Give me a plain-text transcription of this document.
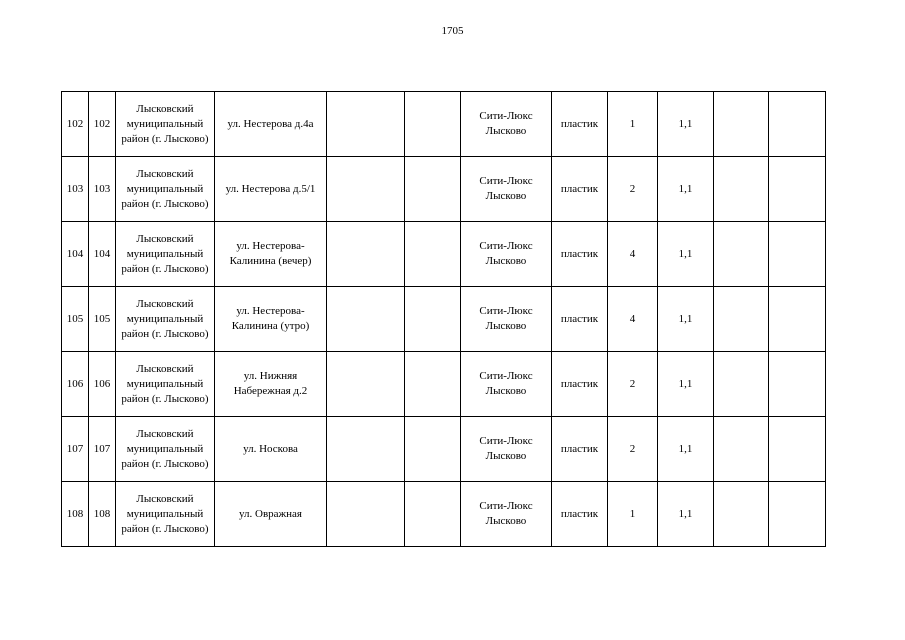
1705
102	102	Лысковский
муниципальный
район (г. Лысково)	ул. Нестерова д.4а			Сити-Люкс
Лысково	пластик	1	1,1		
103	103	Лысковский
муниципальный
район (г. Лысково)	ул. Нестерова д.5/1			Сити-Люкс
Лысково	пластик	2	1,1		
104	104	Лысковский
муниципальный
район (г. Лысково)	ул. Нестерова-
Калинина (вечер)			Сити-Люкс
Лысково	пластик	4	1,1		
105	105	Лысковский
муниципальный
район (г. Лысково)	ул. Нестерова-
Калинина (утро)			Сити-Люкс
Лысково	пластик	4	1,1		
106	106	Лысковский
муниципальный
район (г. Лысково)	ул. Нижняя
Набережная д.2			Сити-Люкс
Лысково	пластик	2	1,1		
107	107	Лысковский
муниципальный
район (г. Лысково)	ул. Носкова			Сити-Люкс
Лысково	пластик	2	1,1		
108	108	Лысковский
муниципальный
район (г. Лысково)	ул. Овражная			Сити-Люкс
Лысково	пластик	1	1,1		
